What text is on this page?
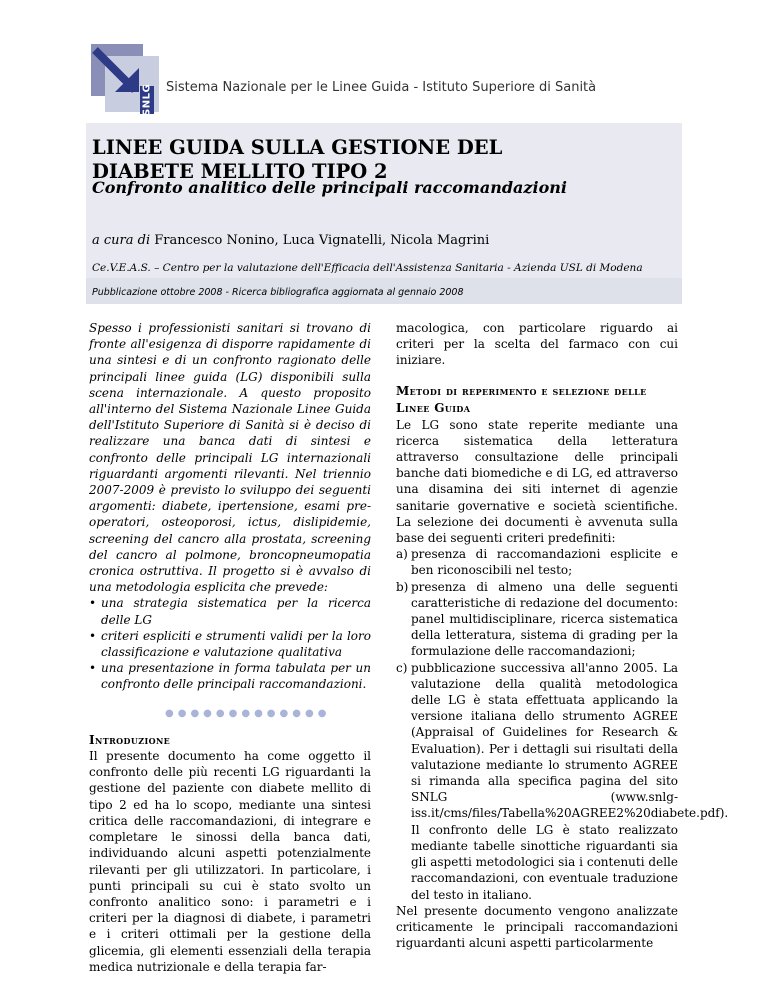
SNLG Sistema Nazionale per le Linee Guida - Istituto Superiore di Sanità
LINEE GUIDA SULLA GESTIONE DEL
DIABETE MELLITO TIPO 2

Confronto analitico delle principali raccomandazioni

a cura di Francesco Nonino, Luca Vignatelli, Nicola Magrini
Ce.V.E.A.S. – Centro per la valutazione dell'Efficacia dell'Assistenza Sanitaria - Azienda USL di Modena
Pubblicazione ottobre 2008 - Ricerca bibliografica aggiornata al gennaio 2008

Spesso i professionisti sanitari si trovano di fronte all'esigenza di disporre rapidamente di una sintesi e di un confronto ragionato delle principali linee guida (LG) disponibili sulla scena internazionale. A questo proposito all'interno del Sistema Nazionale Linee Guida dell'Istituto Superiore di Sanità si è deciso di realizzare una banca dati di sintesi e confronto delle principali LG internazionali riguardanti argomenti rilevanti. Nel triennio 2007-2009 è previsto lo sviluppo dei seguenti argomenti: diabete, ipertensione, esami pre-operatori, osteoporosi, ictus, dislipidemie, screening del cancro alla prostata, screening del cancro al polmone, broncopneumopatia cronica ostruttiva. Il progetto si è avvalso di una metodologia esplicita che prevede:

• una strategia sistematica per la ricerca delle LG
• criteri espliciti e strumenti validi per la loro classificazione e valutazione qualitativa
• una presentazione in forma tabulata per un confronto delle principali raccomandazioni.
●●●●●●●●●●●●●
Introduzione

Il presente documento ha come oggetto il confronto delle più recenti LG riguardanti la gestione del paziente con diabete mellito di tipo 2 ed ha lo scopo, mediante una sintesi critica delle raccomandazioni, di integrare e completare le sinossi della banca dati, individuando alcuni aspetti potenzialmente rilevanti per gli utilizzatori. In particolare, i punti principali su cui è stato svolto un confronto analitico sono: i parametri e i criteri per la diagnosi di diabete, i parametri e i criteri ottimali per la gestione della glicemia, gli elementi essenziali della terapia medica nutrizionale e della terapia far-

macologica, con particolare riguardo ai criteri per la scelta del farmaco con cui iniziare.

Metodi di reperimento e selezione delle Linee Guida

Le LG sono state reperite mediante una ricerca sistematica della letteratura attraverso consultazione delle principali banche dati biomediche e di LG, ed attraverso una disamina dei siti internet di agenzie sanitarie governative e società scientifiche. La selezione dei documenti è avvenuta sulla base dei seguenti criteri predefiniti:

a) presenza di raccomandazioni esplicite e ben riconoscibili nel testo;
b) presenza di almeno una delle seguenti caratteristiche di redazione del documento: panel multidisciplinare, ricerca sistematica della letteratura, sistema di grading per la formulazione delle raccomandazioni;
c) pubblicazione successiva all'anno 2005. La valutazione della qualità metodologica delle LG è stata effettuata applicando la versione italiana dello strumento AGREE (Appraisal of Guidelines for Research & Evaluation). Per i dettagli sui risultati della valutazione mediante lo strumento AGREE si rimanda alla specifica pagina del sito SNLG (www.snlg-iss.it/cms/files/Tabella%20AGREE2%20diabete.pdf). Il confronto delle LG è stato realizzato mediante tabelle sinottiche riguardanti sia gli aspetti metodologici sia i contenuti delle raccomandazioni, con eventuale traduzione del testo in italiano.

Nel presente documento vengono analizzate criticamente le principali raccomandazioni riguardanti alcuni aspetti particolarmente
